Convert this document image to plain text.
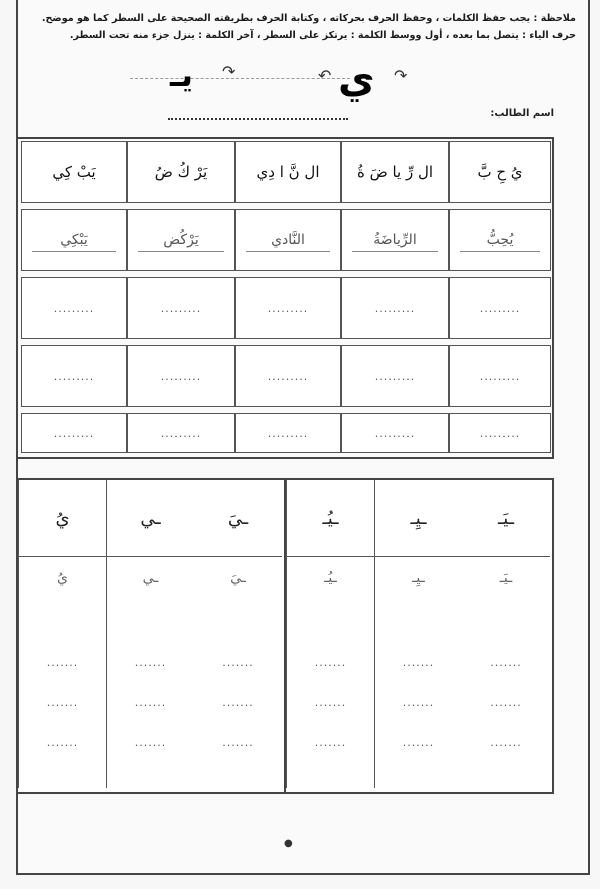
ملاحظة : يجب حفظ الكلمات ، وحفظ الحرف بحركاته ، وكتابة الحرف بطريقته الصحيحة على السطر كما هو موضح.
حرف الياء : يتصل بما بعده ، أول ووسط الكلمة : يرتكز على السطر ، آخر الكلمة : ينزل جزء منه تحت السطر.
ي
↶	↷
يـ ↷
اسم الطالب:
يُ حِ بَّ
ال رِّ يا ضَ ةُ
ال نَّ ا دِي
يَرْ كُ ضُ
يَبْ كِي
يُحِبُّ
الرِّياضَةُ
النَّادي
يَرْكُض
يَبْكِي
.........
.........
.........
.........
.........
.........
.........
.........
.........
.........
.........
.........
.........
.........
.........
ـيَـ
ـيَـ
.......
.......
.......
ـيِـ
ـيِـ
.......
.......
.......
ـيُـ
ـيُـ
.......
.......
.......
ـيَ
ـيَ
.......
.......
.......
ـي
ـي
.......
.......
.......
يُ
يُ
.......
.......
.......
●
